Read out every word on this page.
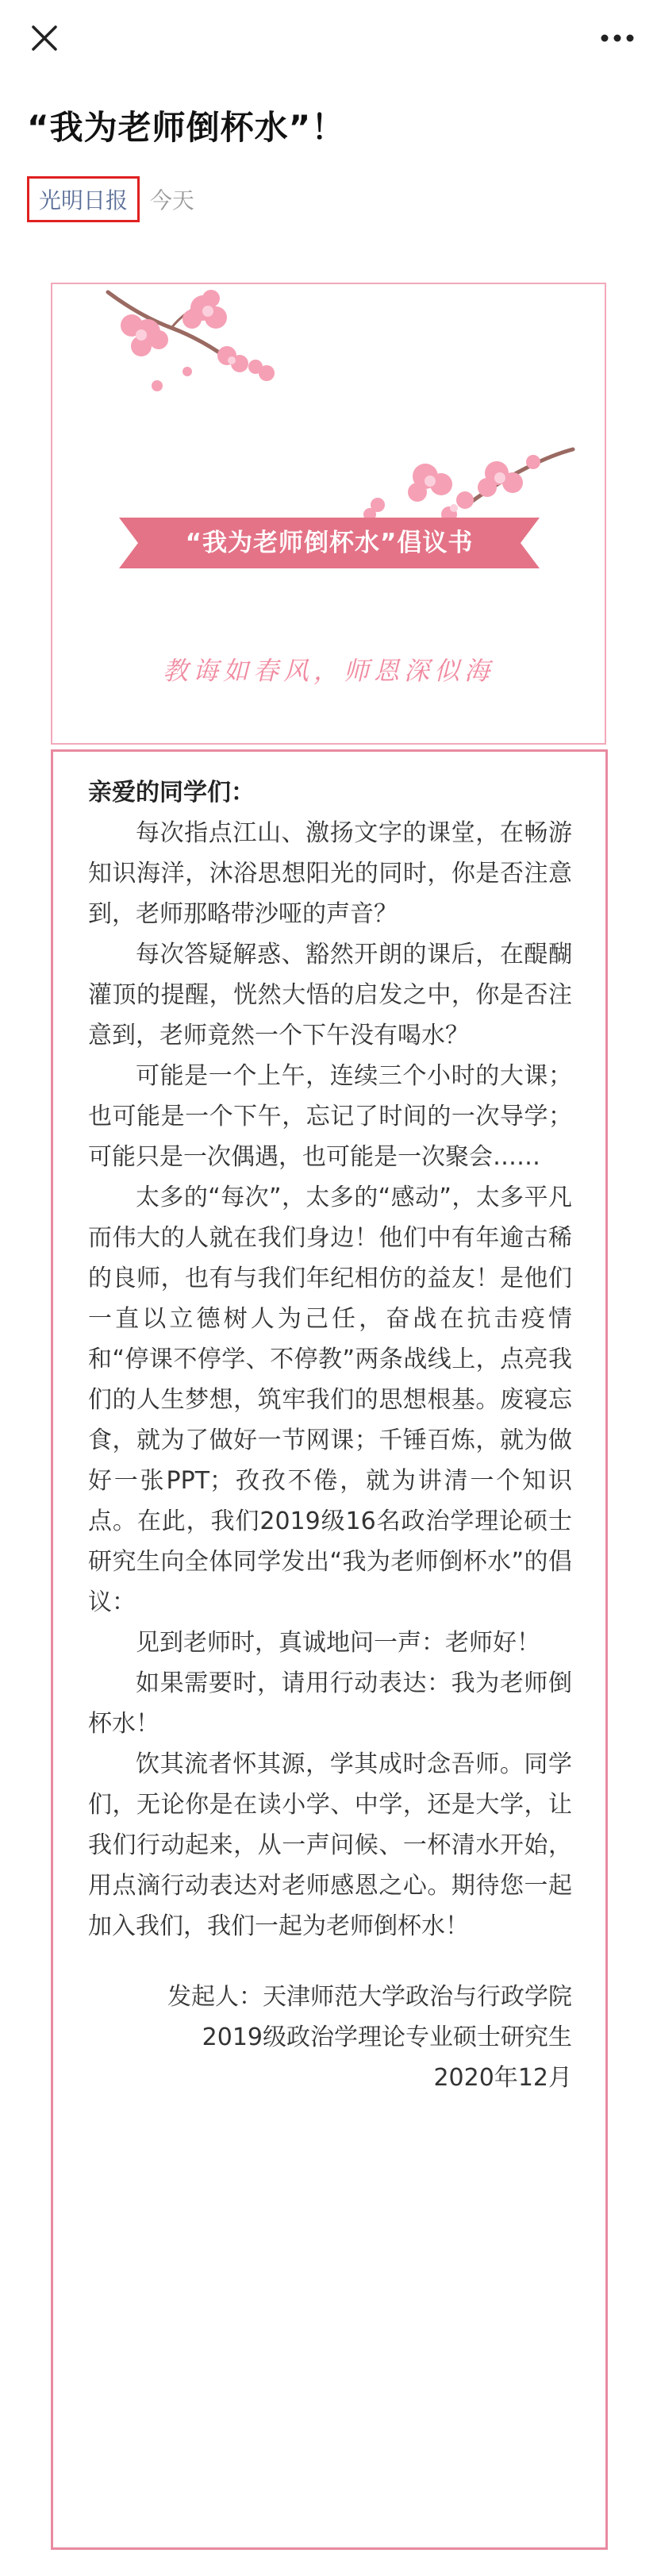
“我为老师倒杯水”！
光明日报 今天
“我为老师倒杯水”倡议书
教诲如春风，师恩深似海

亲爱的同学们：

每次指点江山、激扬文字的课堂，在畅游知识海洋，沐浴思想阳光的同时，你是否注意到，老师那略带沙哑的声音？

每次答疑解惑、豁然开朗的课后，在醍醐灌顶的提醒，恍然大悟的启发之中，你是否注意到，老师竟然一个下午没有喝水？

可能是一个上午，连续三个小时的大课；也可能是一个下午，忘记了时间的一次导学；可能只是一次偶遇，也可能是一次聚会……

太多的“每次”，太多的“感动”，太多平凡而伟大的人就在我们身边！他们中有年逾古稀的良师，也有与我们年纪相仿的益友！是他们一直以立德树人为己任，奋战在抗击疫情和“停课不停学、不停教”两条战线上，点亮我们的人生梦想，筑牢我们的思想根基。废寝忘食，就为了做好一节网课；千锤百炼，就为做好一张PPT；孜孜不倦，就为讲清一个知识点。在此，我们2019级16名政治学理论硕士研究生向全体同学发出“我为老师倒杯水”的倡议：

见到老师时，真诚地问一声：老师好！

如果需要时，请用行动表达：我为老师倒杯水！

饮其流者怀其源，学其成时念吾师。同学们，无论你是在读小学、中学，还是大学，让我们行动起来，从一声问候、一杯清水开始，用点滴行动表达对老师感恩之心。期待您一起加入我们，我们一起为老师倒杯水！

发起人：天津师范大学政治与行政学院
2019级政治学理论专业硕士研究生
2020年12月
